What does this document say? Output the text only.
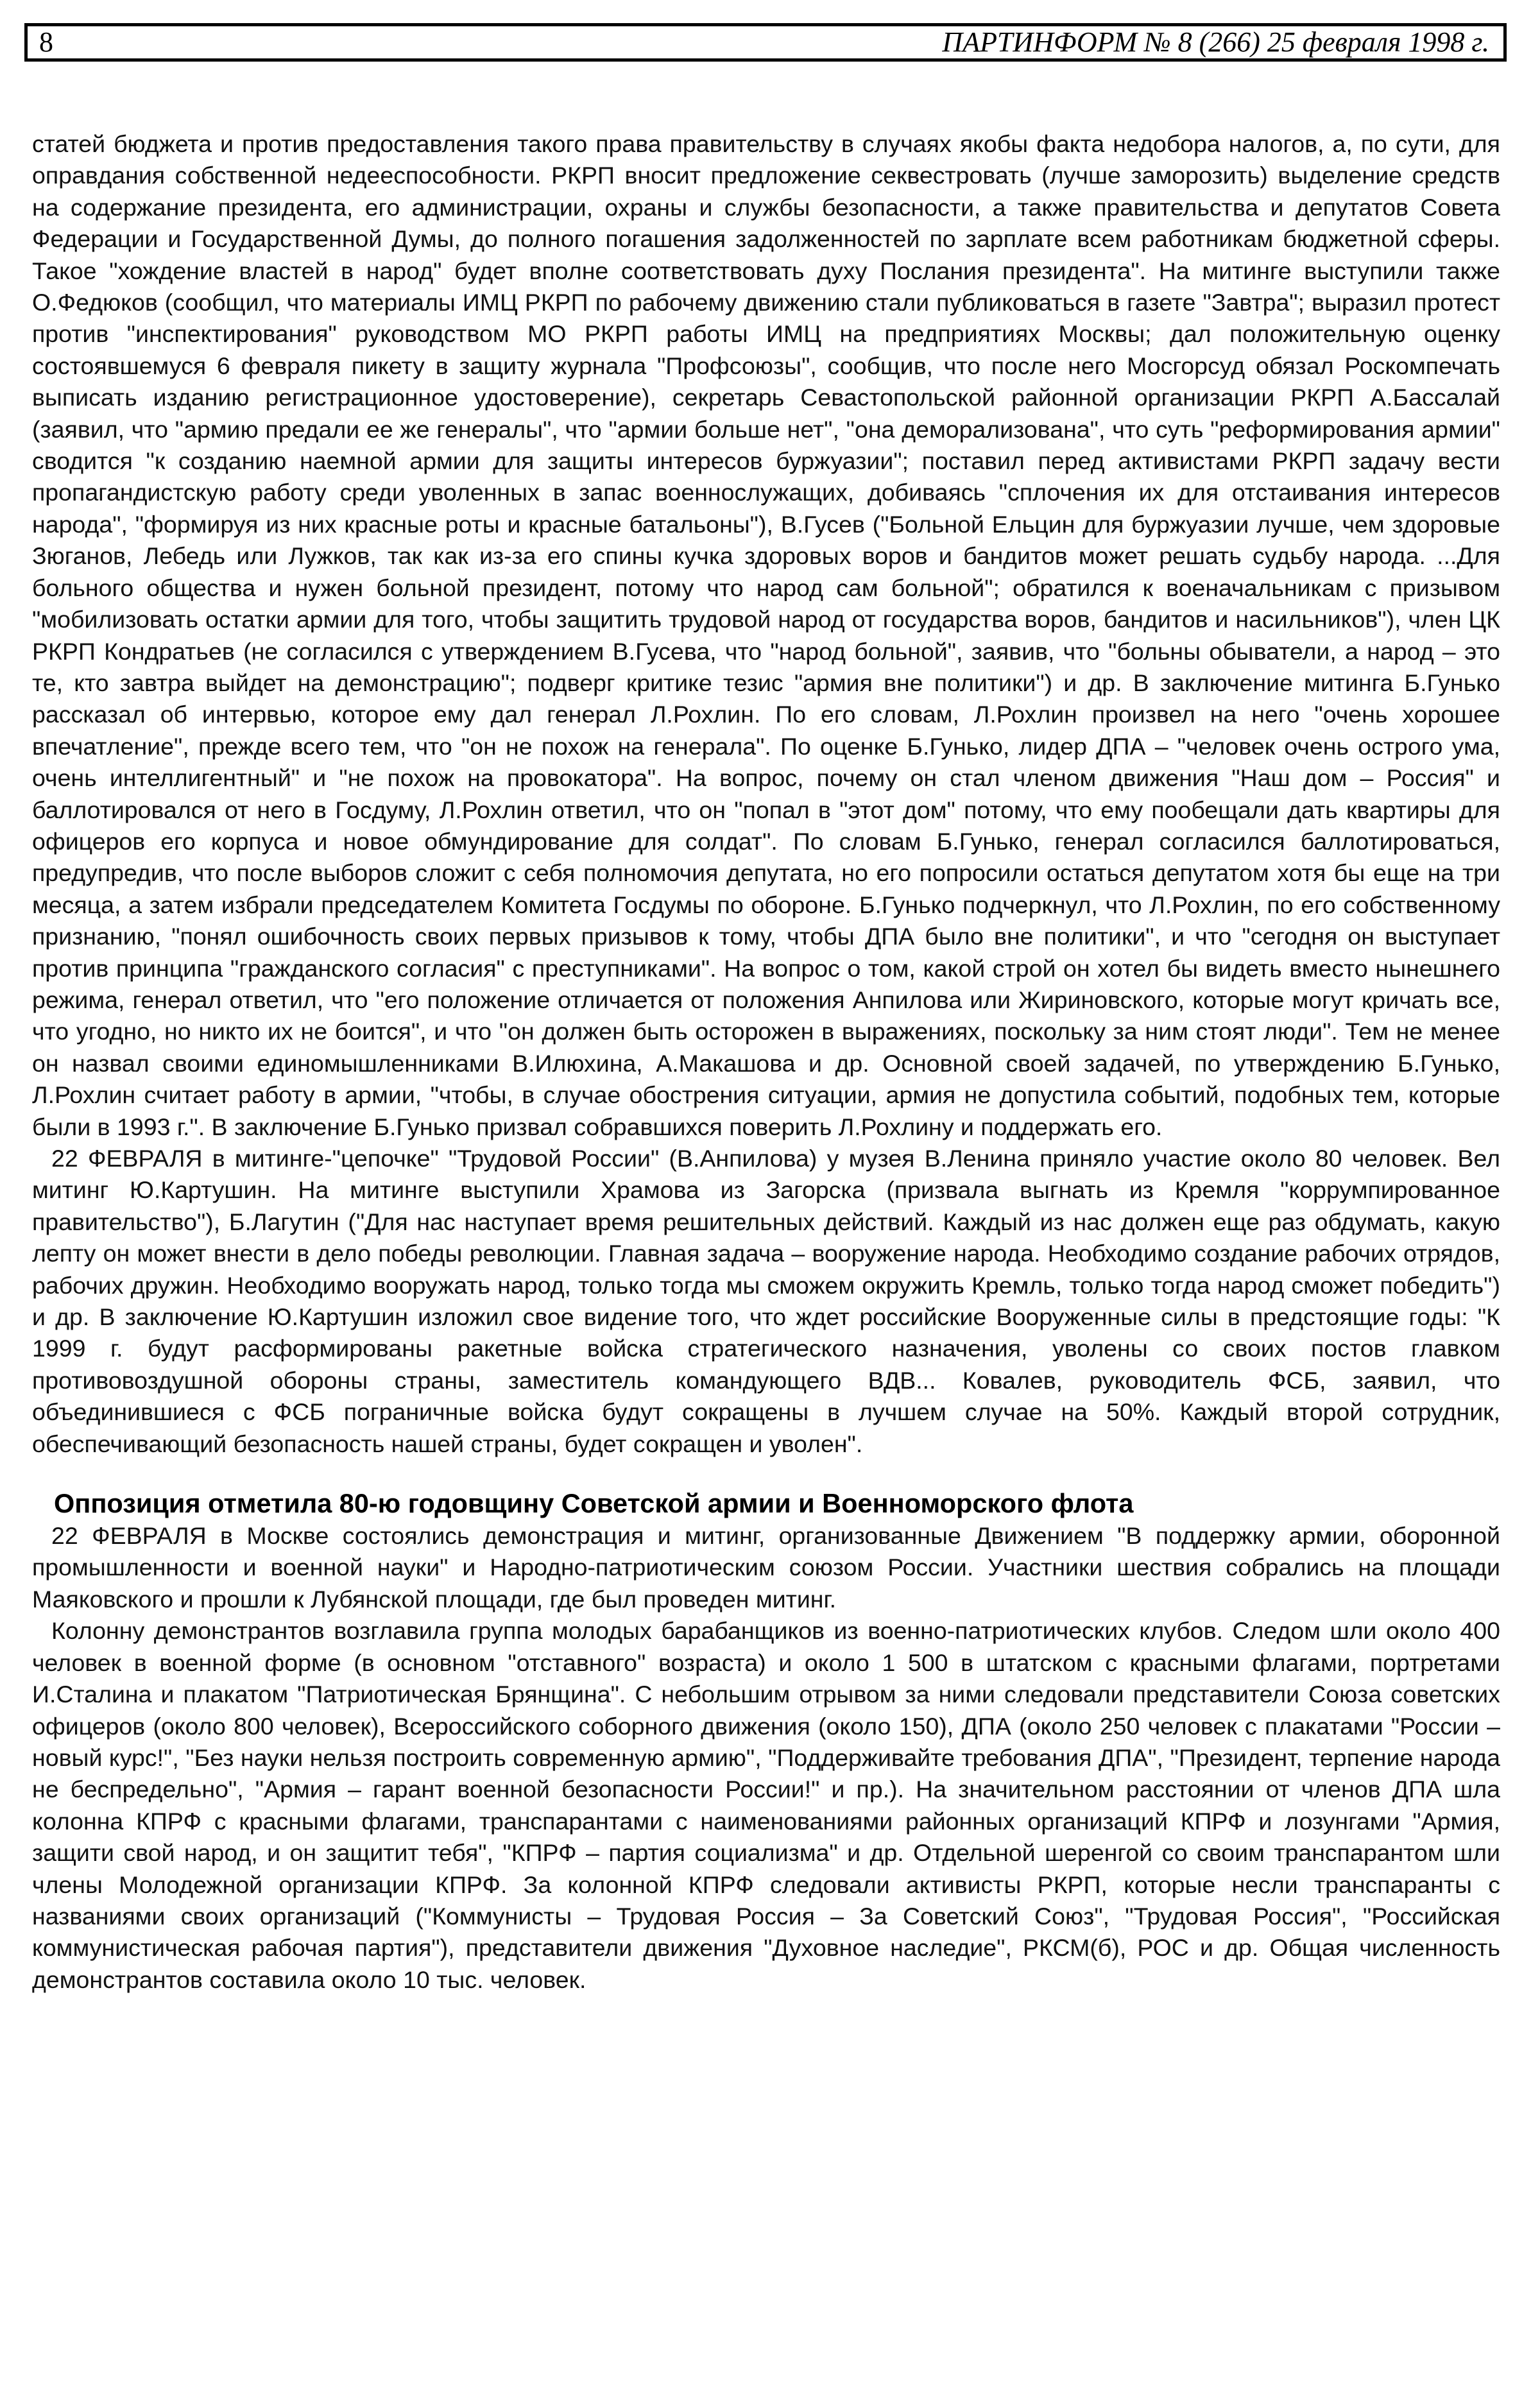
8	ПАРТИНФОРМ № 8 (266) 25 февраля 1998 г.

статей бюджета и против предоставления такого права правительству в случаях якобы факта недобора налогов, а, по сути, для оправдания собственной недееспособности. РКРП вносит предложение секвестровать (лучше заморозить) выделение средств на содержание президента, его администрации, охраны и службы безопасности, а также правительства и депутатов Совета Федерации и Государственной Думы, до полного погашения задолженностей по зарплате всем работникам бюджетной сферы. Такое "хождение властей в народ" будет вполне соответствовать духу Послания президента". На митинге выступили также О.Федюков (сообщил, что материалы ИМЦ РКРП по рабочему движению стали публиковаться в газете "Завтра"; выразил протест против "инспектирования" руководством МО РКРП работы ИМЦ на предприятиях Москвы; дал положительную оценку состоявшемуся 6 февраля пикету в защиту журнала "Профсоюзы", сообщив, что после него Мосгорсуд обязал Роскомпечать выписать изданию регистрационное удостоверение), секретарь Севастопольской районной организации РКРП А.Бассалай (заявил, что "армию предали ее же генералы", что "армии больше нет", "она деморализована", что суть "реформирования армии" сводится "к созданию наемной армии для защиты интересов буржуазии"; поставил перед активистами РКРП задачу вести пропагандистскую работу среди уволенных в запас военнослужащих, добиваясь "сплочения их для отстаивания интересов народа", "формируя из них красные роты и красные батальоны"), В.Гусев ("Больной Ельцин для буржуазии лучше, чем здоровые Зюганов, Лебедь или Лужков, так как из-за его спины кучка здоровых воров и бандитов может решать судьбу народа. ...Для больного общества и нужен больной президент, потому что народ сам больной"; обратился к военачальникам с призывом "мобилизовать остатки армии для того, чтобы защитить трудовой народ от государства воров, бандитов и насильников"), член ЦК РКРП Кондратьев (не согласился с утверждением В.Гусева, что "народ больной", заявив, что "больны обыватели, а народ – это те, кто завтра выйдет на демонстрацию"; подверг критике тезис "армия вне политики") и др. В заключение митинга Б.Гунько рассказал об интервью, которое ему дал генерал Л.Рохлин. По его словам, Л.Рохлин произвел на него "очень хорошее впечатление", прежде всего тем, что "он не похож на генерала". По оценке Б.Гунько, лидер ДПА – "человек очень острого ума, очень интеллигентный" и "не похож на провокатора". На вопрос, почему он стал членом движения "Наш дом – Россия" и баллотировался от него в Госдуму, Л.Рохлин ответил, что он "попал в "этот дом" потому, что ему пообещали дать квартиры для офицеров его корпуса и новое обмундирование для солдат". По словам Б.Гунько, генерал согласился баллотироваться, предупредив, что после выборов сложит с себя полномочия депутата, но его попросили остаться депутатом хотя бы еще на три месяца, а затем избрали председателем Комитета Госдумы по обороне. Б.Гунько подчеркнул, что Л.Рохлин, по его собственному признанию, "понял ошибочность своих первых призывов к тому, чтобы ДПА было вне политики", и что "сегодня он выступает против принципа "гражданского согласия" с преступниками". На вопрос о том, какой строй он хотел бы видеть вместо нынешнего режима, генерал ответил, что "его положение отличается от положения Анпилова или Жириновского, которые могут кричать все, что угодно, но никто их не боится", и что "он должен быть осторожен в выражениях, поскольку за ним стоят люди". Тем не менее он назвал своими единомышленниками В.Илюхина, А.Макашова и др. Основной своей задачей, по утверждению Б.Гунько, Л.Рохлин считает работу в армии, "чтобы, в случае обострения ситуации, армия не допустила событий, подобных тем, которые были в 1993 г.". В заключение Б.Гунько призвал собравшихся поверить Л.Рохлину и поддержать его.

22 ФЕВРАЛЯ в митинге-"цепочке" "Трудовой России" (В.Анпилова) у музея В.Ленина приняло участие около 80 человек. Вел митинг Ю.Картушин. На митинге выступили Храмова из Загорска (призвала выгнать из Кремля "коррумпированное правительство"), Б.Лагутин ("Для нас наступает время решительных действий. Каждый из нас должен еще раз обдумать, какую лепту он может внести в дело победы революции. Главная задача – вооружение народа. Необходимо создание рабочих отрядов, рабочих дружин. Необходимо вооружать народ, только тогда мы сможем окружить Кремль, только тогда народ сможет победить") и др. В заключение Ю.Картушин изложил свое видение того, что ждет российские Вооруженные силы в предстоящие годы: "К 1999 г. будут расформированы ракетные войска стратегического назначения, уволены со своих постов главком противовоздушной обороны страны, заместитель командующего ВДВ... Ковалев, руководитель ФСБ, заявил, что объединившиеся с ФСБ пограничные войска будут сокращены в лучшем случае на 50%. Каждый второй сотрудник, обеспечивающий безопасность нашей страны, будет сокращен и уволен".

Оппозиция отметила 80-ю годовщину Советской армии и Военноморского флота

22 ФЕВРАЛЯ в Москве состоялись демонстрация и митинг, организованные Движением "В поддержку армии, оборонной промышленности и военной науки" и Народно-патриотическим союзом России. Участники шествия собрались на площади Маяковского и прошли к Лубянской площади, где был проведен митинг.

Колонну демонстрантов возглавила группа молодых барабанщиков из военно-патриотических клубов. Следом шли около 400 человек в военной форме (в основном "отставного" возраста) и около 1 500 в штатском с красными флагами, портретами И.Сталина и плакатом "Патриотическая Брянщина". С небольшим отрывом за ними следовали представители Союза советских офицеров (около 800 человек), Всероссийского соборного движения (около 150), ДПА (около 250 человек с плакатами "России – новый курс!", "Без науки нельзя построить современную армию", "Поддерживайте требования ДПА", "Президент, терпение народа не беспредельно", "Армия – гарант военной безопасности России!" и пр.). На значительном расстоянии от членов ДПА шла колонна КПРФ с красными флагами, транспарантами с наименованиями районных организаций КПРФ и лозунгами "Армия, защити свой народ, и он защитит тебя", "КПРФ – партия социализма" и др. Отдельной шеренгой со своим транспарантом шли члены Молодежной организации КПРФ. За колонной КПРФ следовали активисты РКРП, которые несли транспаранты с названиями своих организаций ("Коммунисты – Трудовая Россия – За Советский Союз", "Трудовая Россия", "Российская коммунистическая рабочая партия"), представители движения "Духовное наследие", РКСМ(б), РОС и др. Общая численность демонстрантов составила около 10 тыс. человек.
